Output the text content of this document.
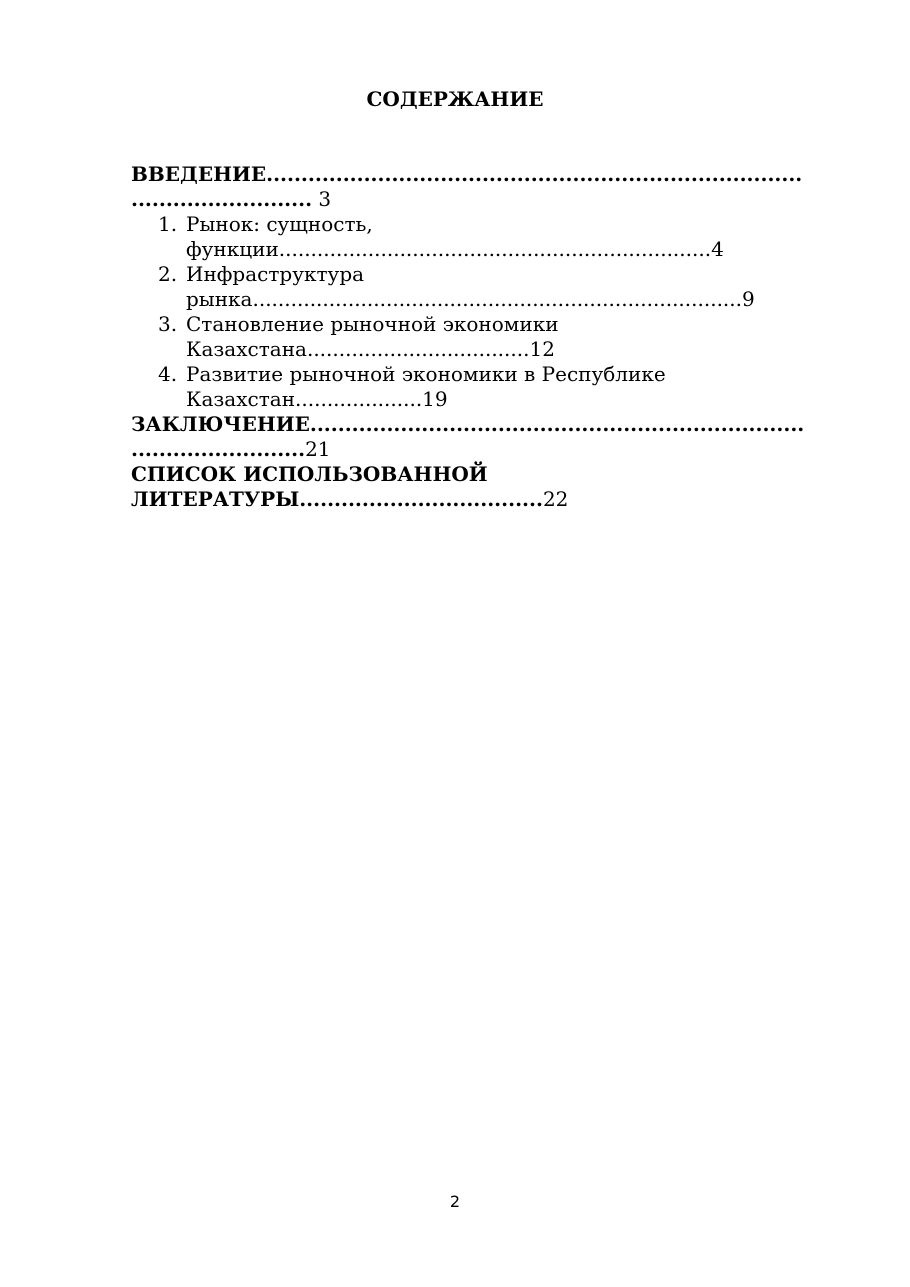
СОДЕРЖАНИЕ
ВВЕДЕНИЕ.............................................................................
.......................... 3
1. Рынок: сущность,
функции....................................................................4
2. Инфраструктура
рынка.............................................................................9
3. Становление рыночной экономики
Казахстана...................................12
4. Развитие рыночной экономики в Республике
Казахстан....................19
ЗАКЛЮЧЕНИЕ.......................................................................
.........................21
СПИСОК ИСПОЛЬЗОВАННОЙ
ЛИТЕРАТУРЫ...................................22
2
